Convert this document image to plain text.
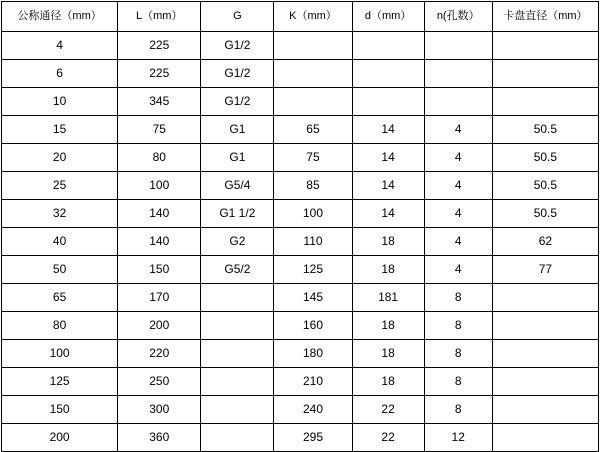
公称通径（mm）	L（mm）	G	K（mm）	d（mm）	n(孔数）	卡盘直径（mm）
4	225	G1/2				
6	225	G1/2				
10	345	G1/2				
15	75	G1	65	14	4	50.5
20	80	G1	75	14	4	50.5
25	100	G5/4	85	14	4	50.5
32	140	G1 1/2	100	14	4	50.5
40	140	G2	110	18	4	62
50	150	G5/2	125	18	4	77
65	170		145	181	8	
80	200		160	18	8	
100	220		180	18	8	
125	250		210	18	8	
150	300		240	22	8	
200	360		295	22	12	
